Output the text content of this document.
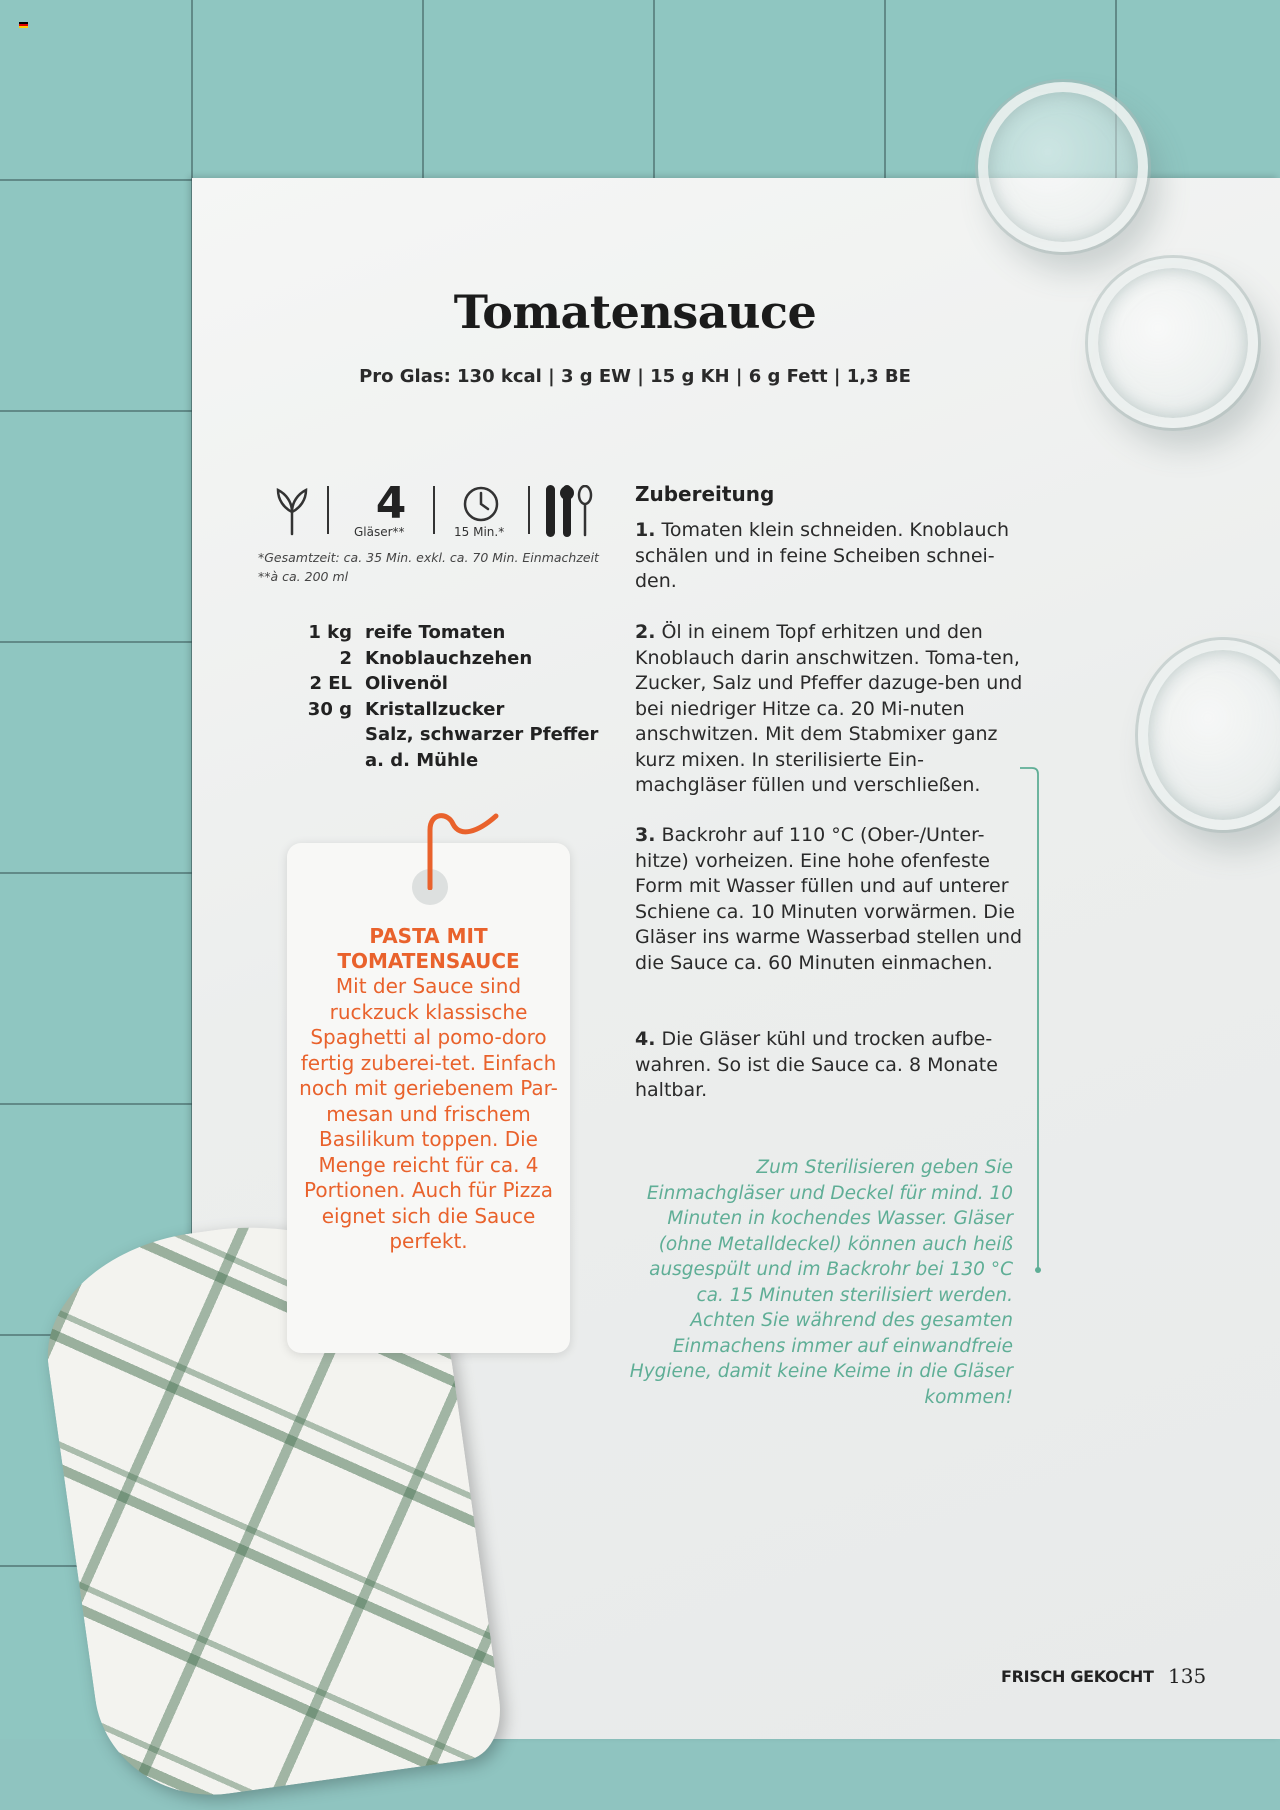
Tomatensauce
Pro Glas: 130 kcal | 3 g EW | 15 g KH | 6 g Fett | 1,3 BE
4
Gläser**	15 Min.*
*Gesamtzeit: ca. 35 Min. exkl. ca. 70 Min. Einmachzeit
**à ca. 200 ml
1 kg reife Tomaten
2 Knoblauchzehen
2 EL Olivenöl
30 g Kristallzucker
Salz, schwarzer Pfeffer
a. d. Mühle
PASTA MIT
TOMATENSAUCE
Mit der Sauce sind ruckzuck klassische Spaghetti al pomo-doro fertig zuberei-tet. Einfach noch mit geriebenem Par-mesan und frischem Basilikum toppen. Die Menge reicht für ca. 4 Portionen. Auch für Pizza eignet sich die Sauce perfekt.
Zubereitung
1. Tomaten klein schneiden. Knoblauch schälen und in feine Scheiben schnei-den.
2. Öl in einem Topf erhitzen und den Knoblauch darin anschwitzen. Toma-ten, Zucker, Salz und Pfeffer dazuge-ben und bei niedriger Hitze ca. 20 Mi-nuten anschwitzen. Mit dem Stabmixer ganz kurz mixen. In sterilisierte Ein-machgläser füllen und verschließen.
3. Backrohr auf 110 °C (Ober-/Unter-hitze) vorheizen. Eine hohe ofenfeste Form mit Wasser füllen und auf unterer Schiene ca. 10 Minuten vorwärmen. Die Gläser ins warme Wasserbad stellen und die Sauce ca. 60 Minuten einmachen.
4. Die Gläser kühl und trocken aufbe-wahren. So ist die Sauce ca. 8 Monate haltbar.
Zum Sterilisieren geben Sie Einmachgläser und Deckel für mind. 10 Minuten in kochendes Wasser. Gläser (ohne Metalldeckel) können auch heiß ausgespült und im Backrohr bei 130 °C ca. 15 Minuten sterilisiert werden. Achten Sie während des gesamten Einmachens immer auf einwandfreie Hygiene, damit keine Keime in die Gläser kommen!
FRISCH GEKOCHT 135
